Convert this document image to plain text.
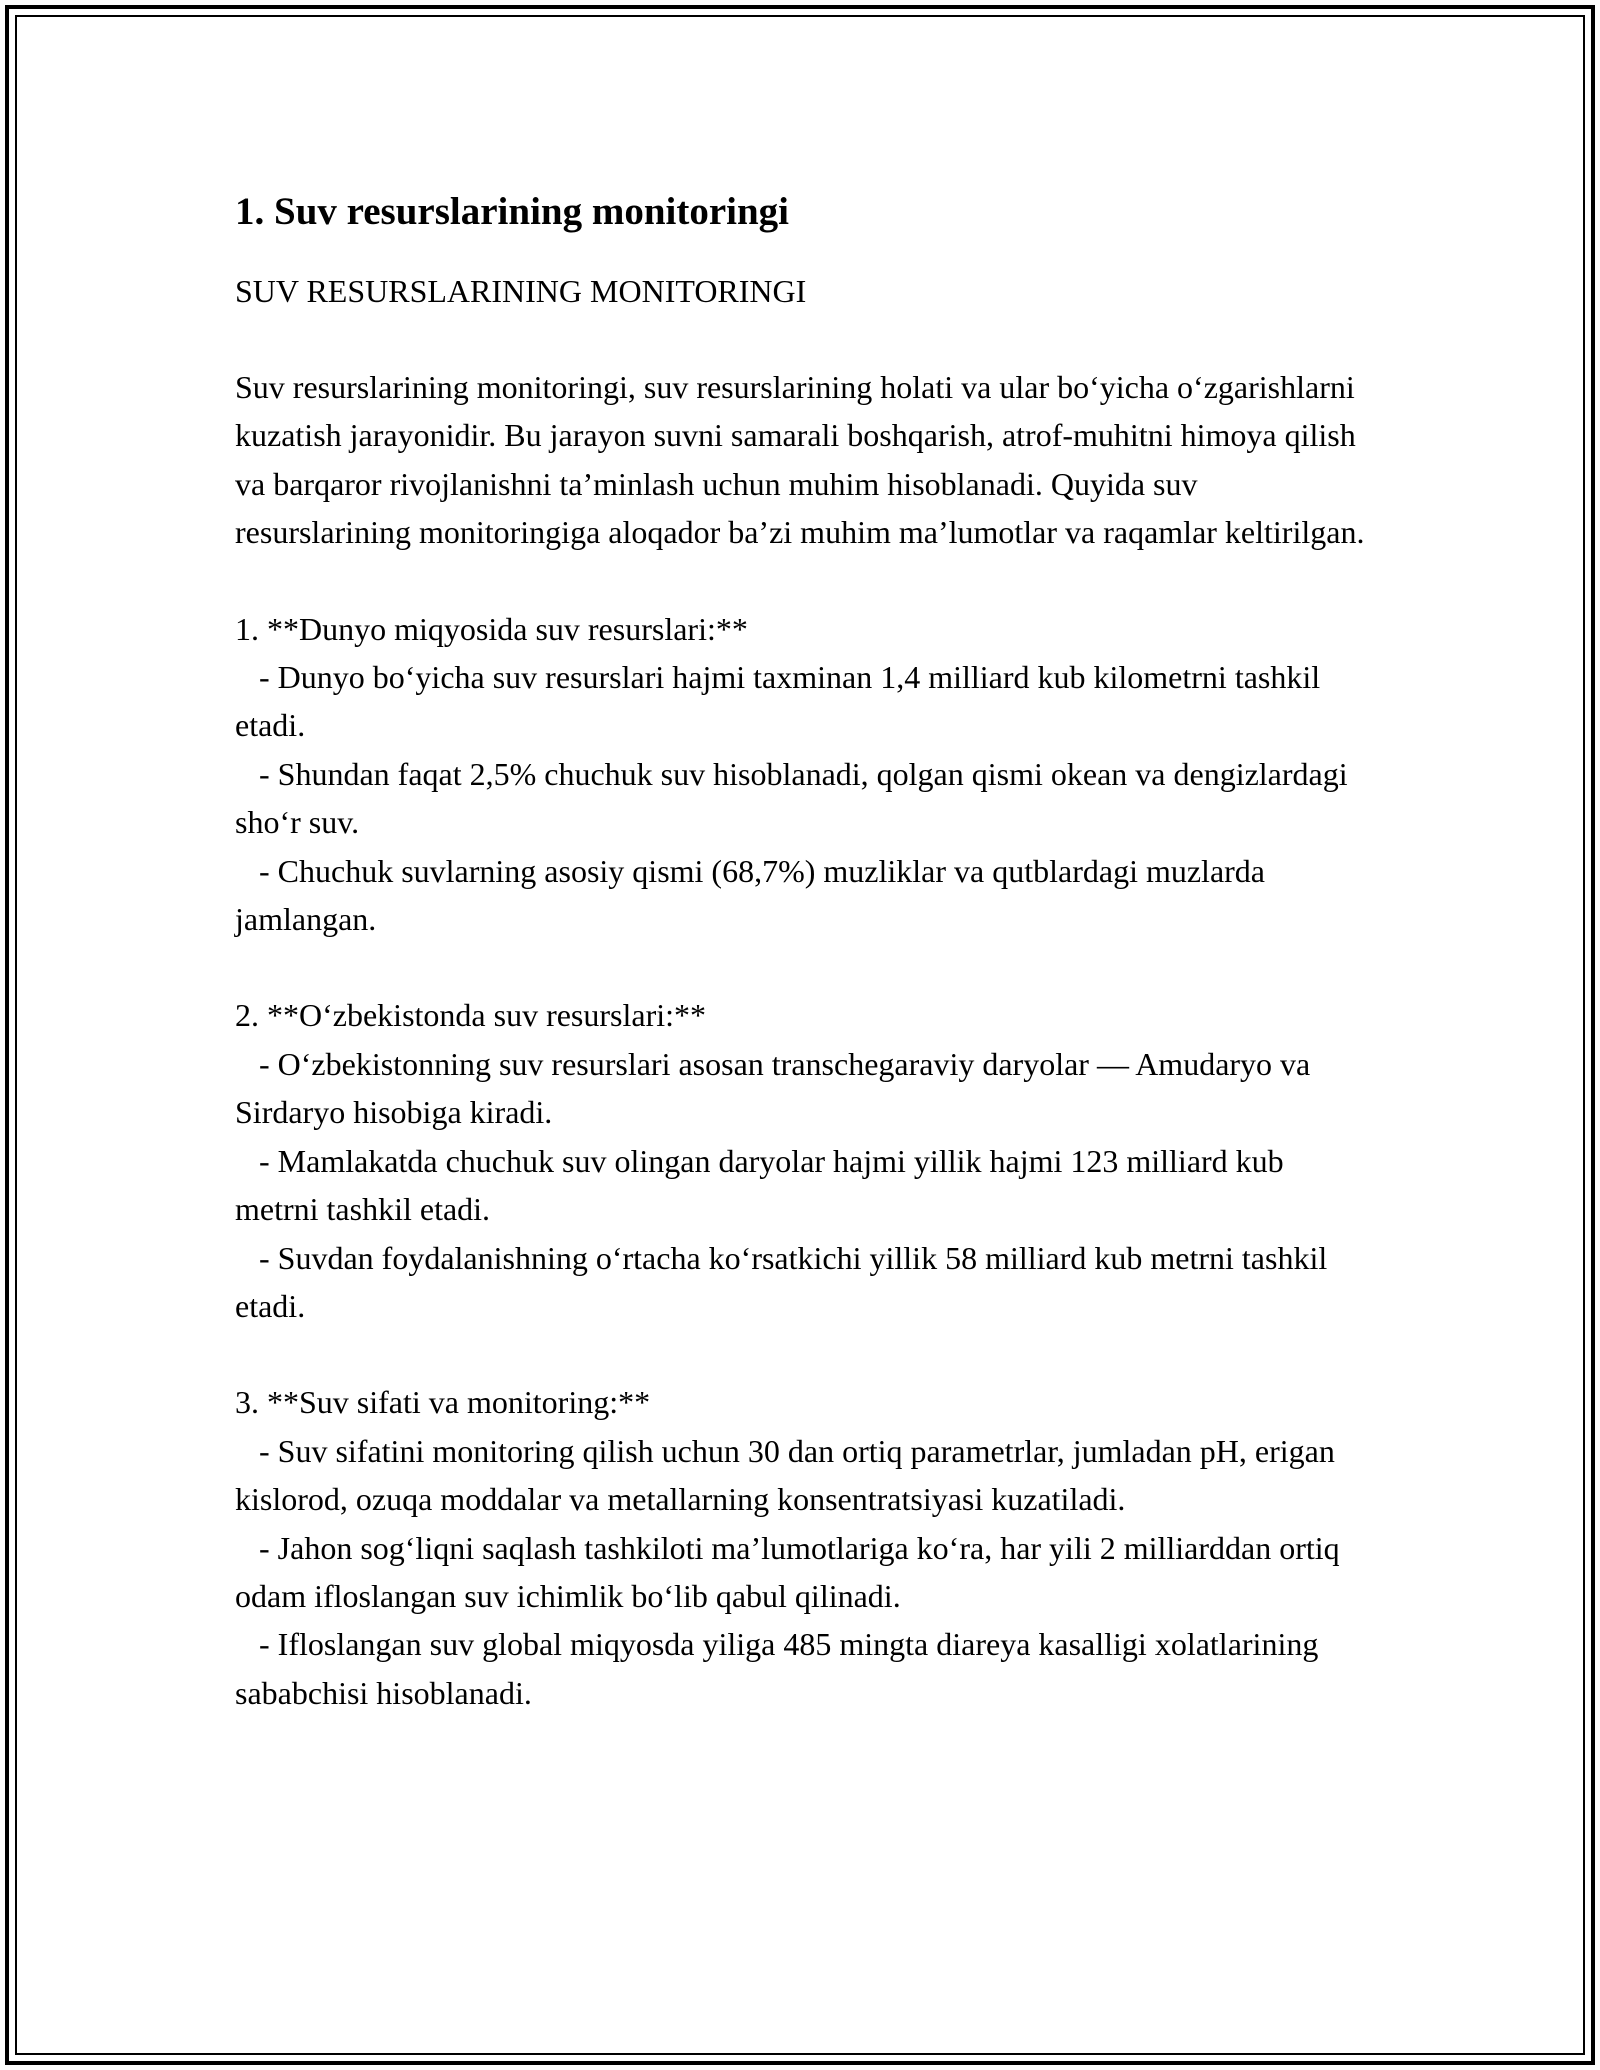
1. Suv resurslarining monitoringi
SUV RESURSLARINING MONITORINGI
Suv resurslarining monitoringi, suv resurslarining holati va ular bo‘yicha o‘zgarishlarni kuzatish jarayonidir. Bu jarayon suvni samarali boshqarish, atrof-muhitni himoya qilish va barqaror rivojlanishni ta’minlash uchun muhim hisoblanadi. Quyida suv resurslarining monitoringiga aloqador ba’zi muhim ma’lumotlar va raqamlar keltirilgan.
1. **Dunyo miqyosida suv resurslari:**
- Dunyo bo‘yicha suv resurslari hajmi taxminan 1,4 milliard kub kilometrni tashkil etadi.
- Shundan faqat 2,5% chuchuk suv hisoblanadi, qolgan qismi okean va dengizlardagi sho‘r suv.
- Chuchuk suvlarning asosiy qismi (68,7%) muzliklar va qutblardagi muzlarda jamlangan.
2. **O‘zbekistonda suv resurslari:**
- O‘zbekistonning suv resurslari asosan transchegaraviy daryolar — Amudaryo va Sirdaryo hisobiga kiradi.
- Mamlakatda chuchuk suv olingan daryolar hajmi yillik hajmi 123 milliard kub metrni tashkil etadi.
- Suvdan foydalanishning o‘rtacha ko‘rsatkichi yillik 58 milliard kub metrni tashkil etadi.
3. **Suv sifati va monitoring:**
- Suv sifatini monitoring qilish uchun 30 dan ortiq parametrlar, jumladan pH, erigan kislorod, ozuqa moddalar va metallarning konsentratsiyasi kuzatiladi.
- Jahon sog‘liqni saqlash tashkiloti ma’lumotlariga ko‘ra, har yili 2 milliarddan ortiq odam ifloslangan suv ichimlik bo‘lib qabul qilinadi.
- Ifloslangan suv global miqyosda yiliga 485 mingta diareya kasalligi xolatlarining sababchisi hisoblanadi.
